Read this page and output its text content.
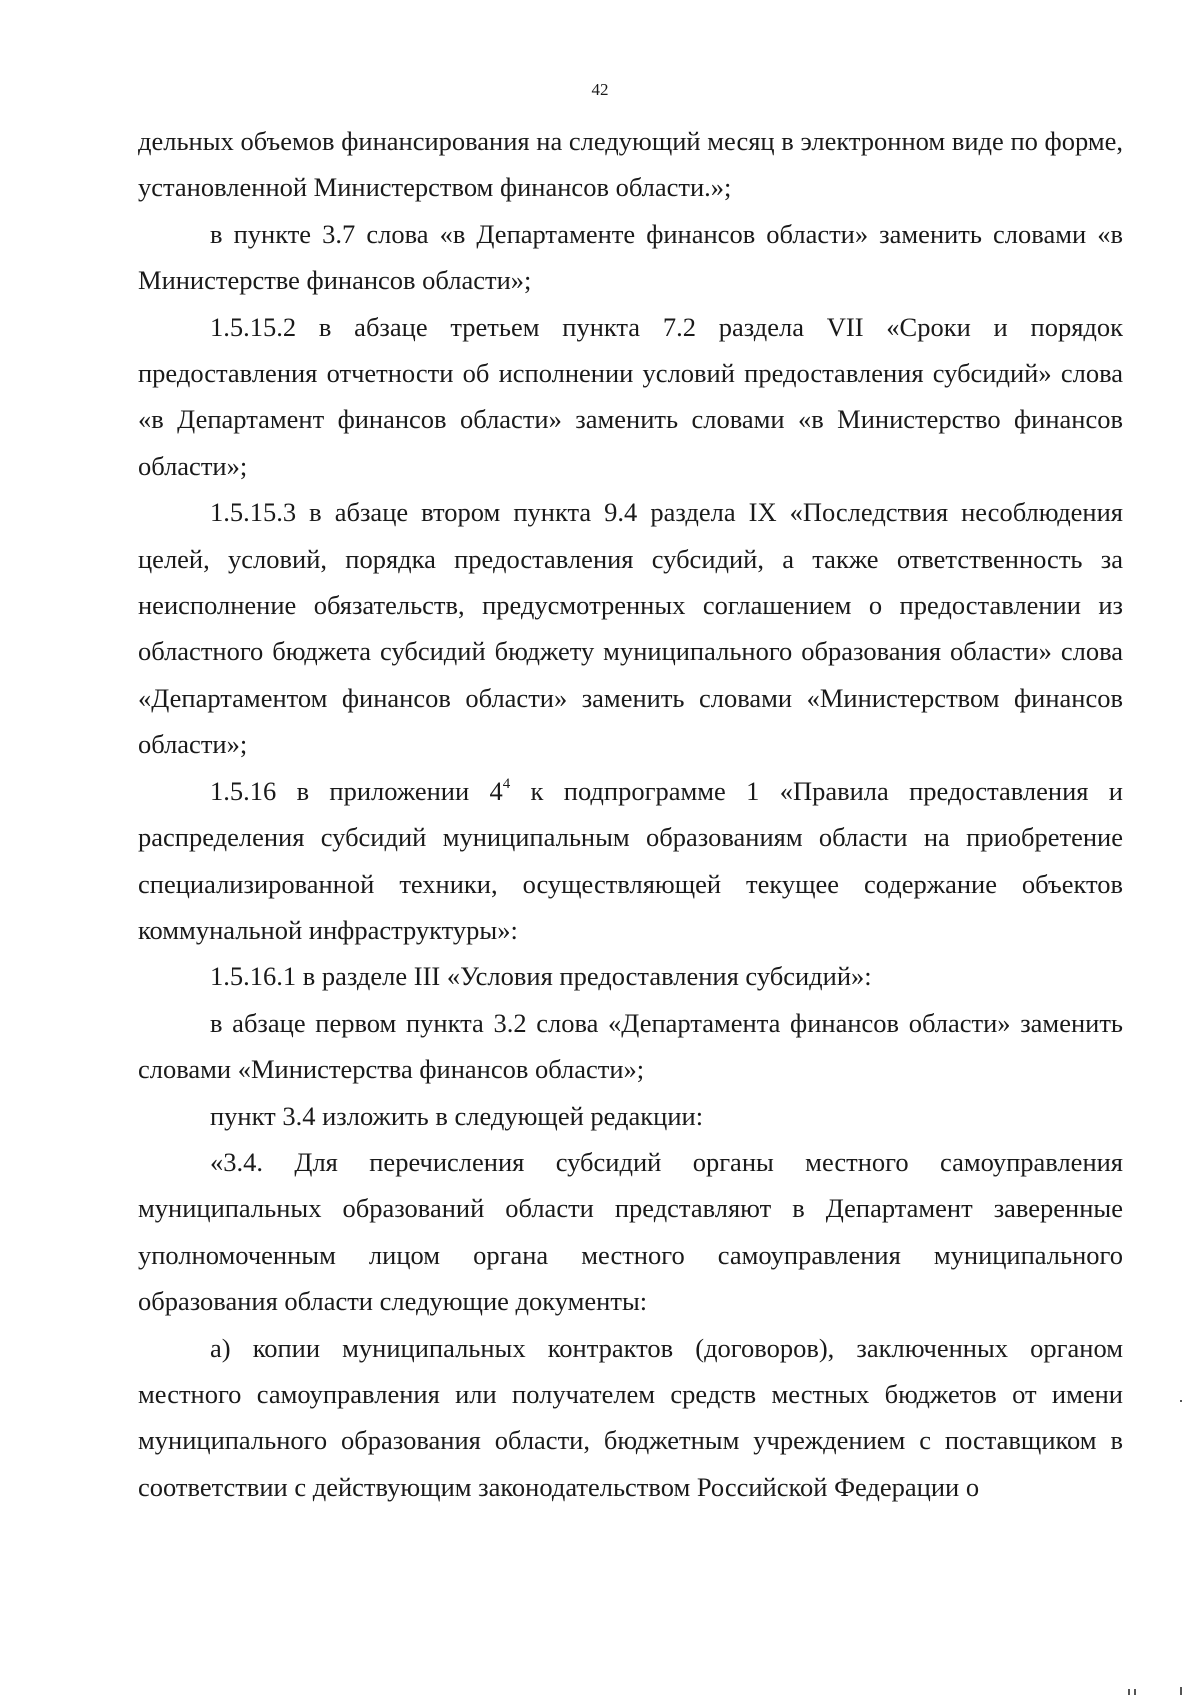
42

дельных объемов финансирования на следующий месяц в электронном виде по форме, установленной Министерством финансов области.»;

в пункте 3.7 слова «в Департаменте финансов области» заменить словами «в Министерстве финансов области»;

1.5.15.2 в абзаце третьем пункта 7.2 раздела VII «Сроки и порядок предоставления отчетности об исполнении условий предоставления субсидий» слова «в Департамент финансов области» заменить словами «в Министерство финансов области»;

1.5.15.3 в абзаце втором пункта 9.4 раздела IX «Последствия несоблюдения целей, условий, порядка предоставления субсидий, а также ответственность за неисполнение обязательств, предусмотренных соглашением о предоставлении из областного бюджета субсидий бюджету муниципального образования области» слова «Департаментом финансов области» заменить словами «Министерством финансов области»;

1.5.16 в приложении $4^4$ к подпрограмме 1 «Правила предоставления и распределения субсидий муниципальным образованиям области на приобретение специализированной техники, осуществляющей текущее содержание объектов коммунальной инфраструктуры»:

1.5.16.1 в разделе III «Условия предоставления субсидий»:

в абзаце первом пункта 3.2 слова «Департамента финансов области» заменить словами «Министерства финансов области»;

пункт 3.4 изложить в следующей редакции:

«3.4. Для перечисления субсидий органы местного самоуправления муниципальных образований области представляют в Департамент заверенные уполномоченным лицом органа местного самоуправления муниципального образования области следующие документы:

а) копии муниципальных контрактов (договоров), заключенных органом местного самоуправления или получателем средств местных бюджетов от имени муниципального образования области, бюджетным учреждением с поставщиком в соответствии с действующим законодательством Российской Федерации о
